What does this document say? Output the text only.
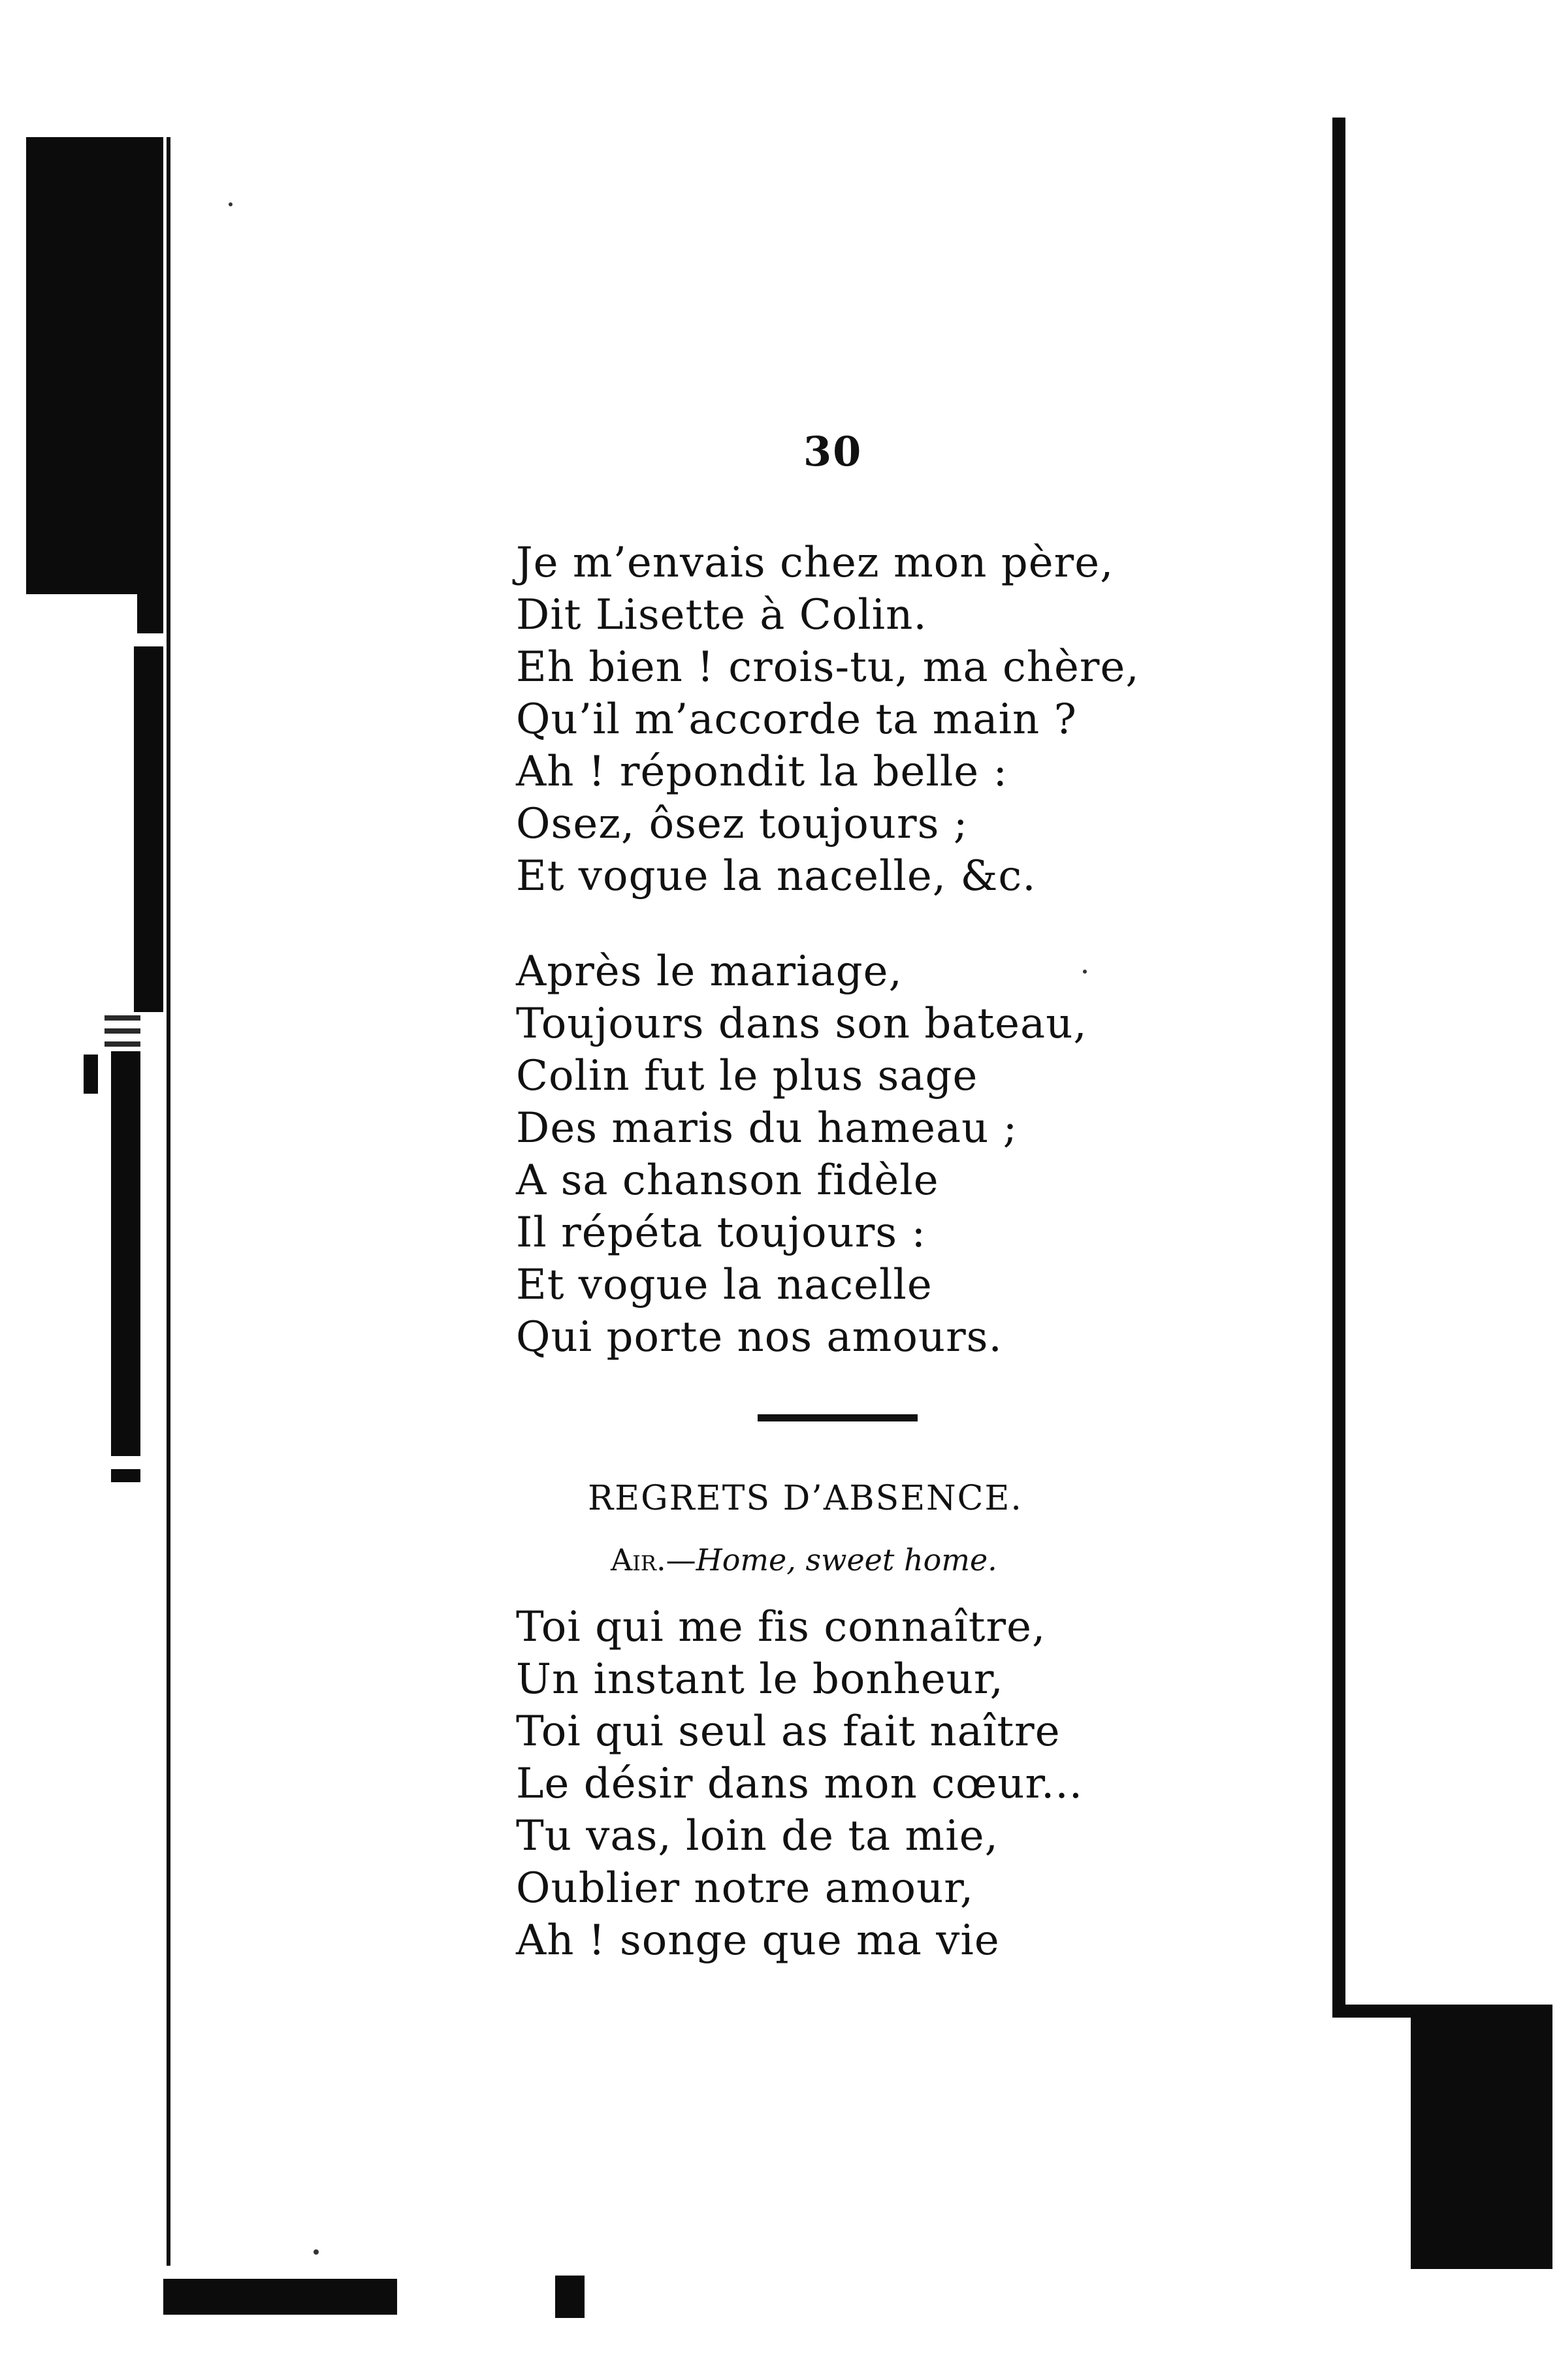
30
Je m’envais chez mon père,
Dit Lisette à Colin.
Eh bien ! crois-tu, ma chère,
Qu’il m’accorde ta main ?
Ah ! répondit la belle :
Osez, ôsez toujours ;
Et vogue la nacelle, &c.
Après le mariage,
Toujours dans son bateau,
Colin fut le plus sage
Des maris du hameau ;
A sa chanson fidèle
Il répéta toujours :
Et vogue la nacelle
Qui porte nos amours.
REGRETS D’ABSENCE.
Air.—Home, sweet home.
Toi qui me fis connaître,
Un instant le bonheur,
Toi qui seul as fait naître
Le désir dans mon cœur...
Tu vas, loin de ta mie,
Oublier notre amour,
Ah ! songe que ma vie
